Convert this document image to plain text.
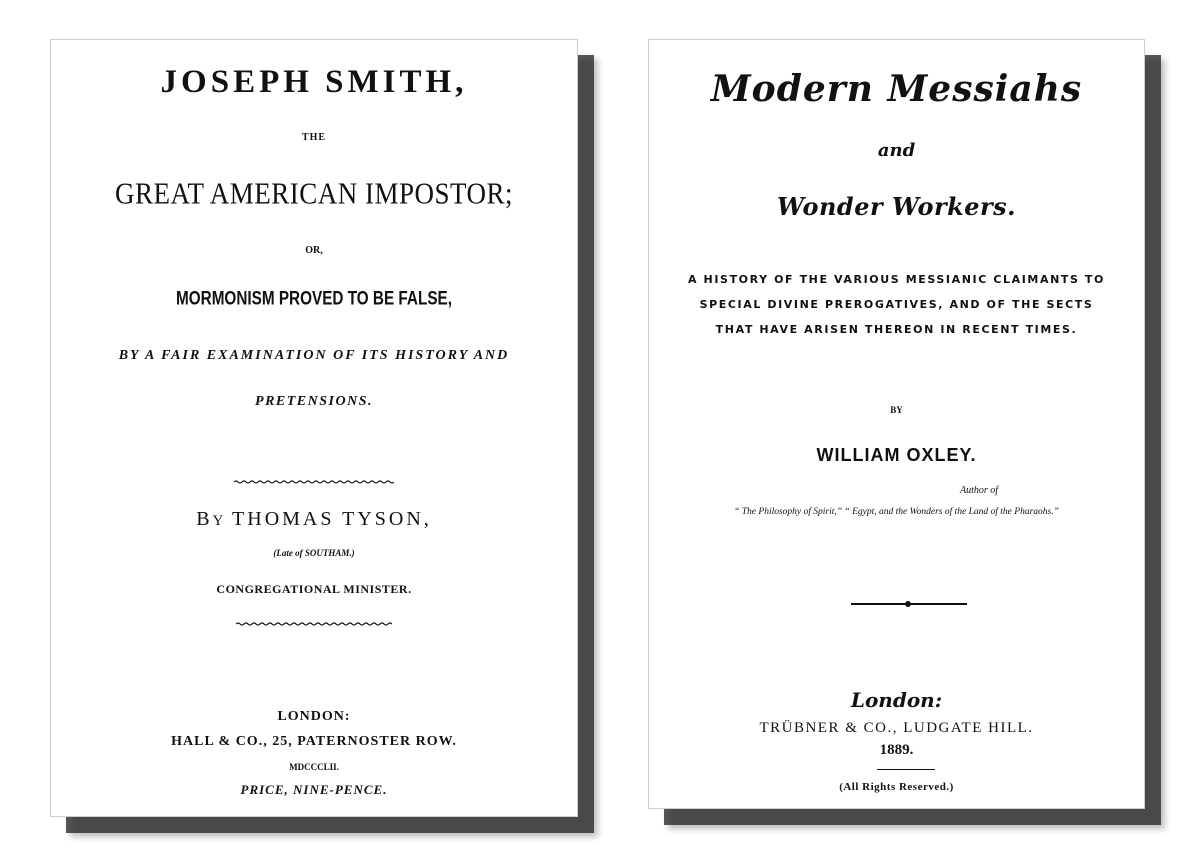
JOSEPH SMITH,

THE

GREAT AMERICAN IMPOSTOR;

OR,

MORMONISM PROVED TO BE FALSE,

BY A FAIR EXAMINATION OF ITS HISTORY AND

PRETENSIONS.

BY THOMAS TYSON,

(Late of SOUTHAM.)

CONGREGATIONAL MINISTER.

LONDON:

HALL & CO., 25, PATERNOSTER ROW.

MDCCCLII.

PRICE, NINE-PENCE.

Modern Messiahs

and

Wonder Workers.

A HISTORY OF THE VARIOUS MESSIANIC CLAIMANTS TO

SPECIAL DIVINE PREROGATIVES, AND OF THE SECTS

THAT HAVE ARISEN THEREON IN RECENT TIMES.

BY

WILLIAM OXLEY.

Author of

“ The Philosophy of Spirit,” “ Egypt, and the Wonders of the Land of the Pharaohs.”

London:

TRÜBNER & CO., LUDGATE HILL.

1889.

(All Rights Reserved.)
